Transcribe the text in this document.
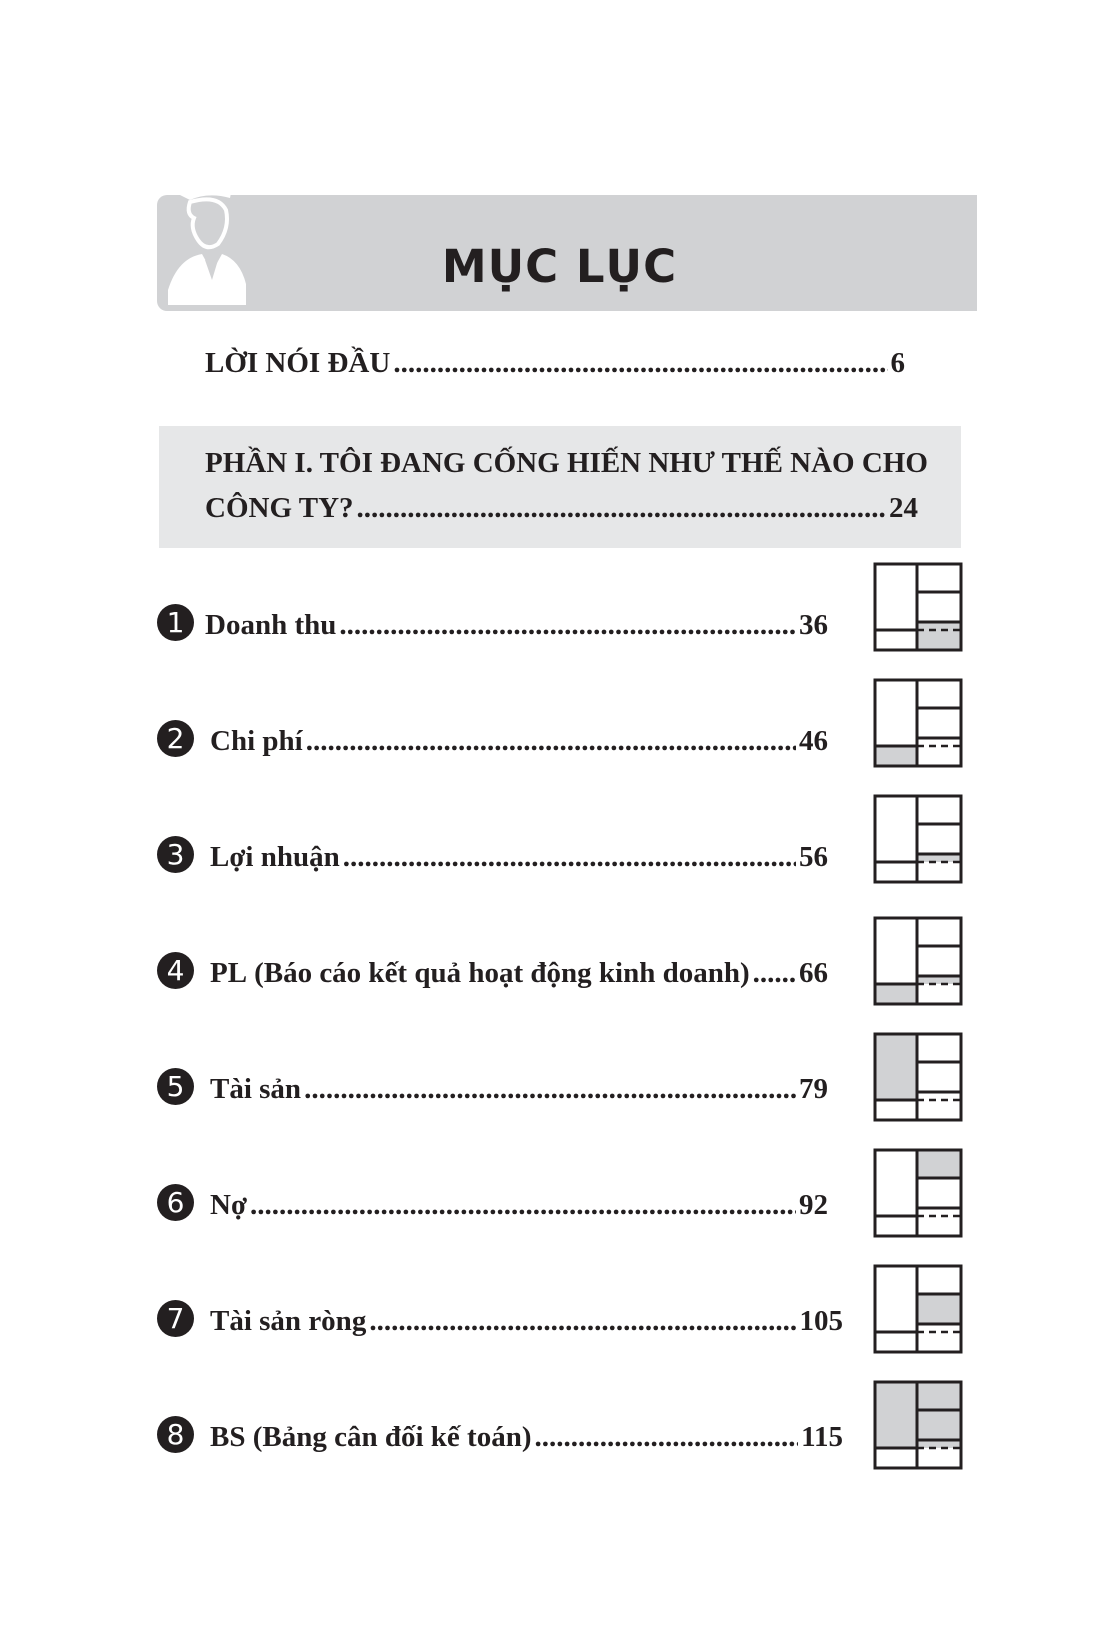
MỤC LỤC
LỜI NÓI ĐẦU .....	6
PHẦN I. TÔI ĐANG CỐNG HIẾN NHƯ THẾ NÀO CHO
CÔNG TY? .....	24
1 Doanh thu .....	36
2 Chi phí .....	46
3 Lợi nhuận .....	56
4 PL (Báo cáo kết quả hoạt động kinh doanh) ..... 66
5 Tài sản .....	79
6 Nợ .....	92
7 Tài sản ròng .....	105
8 BS (Bảng cân đối kế toán) .....	115
